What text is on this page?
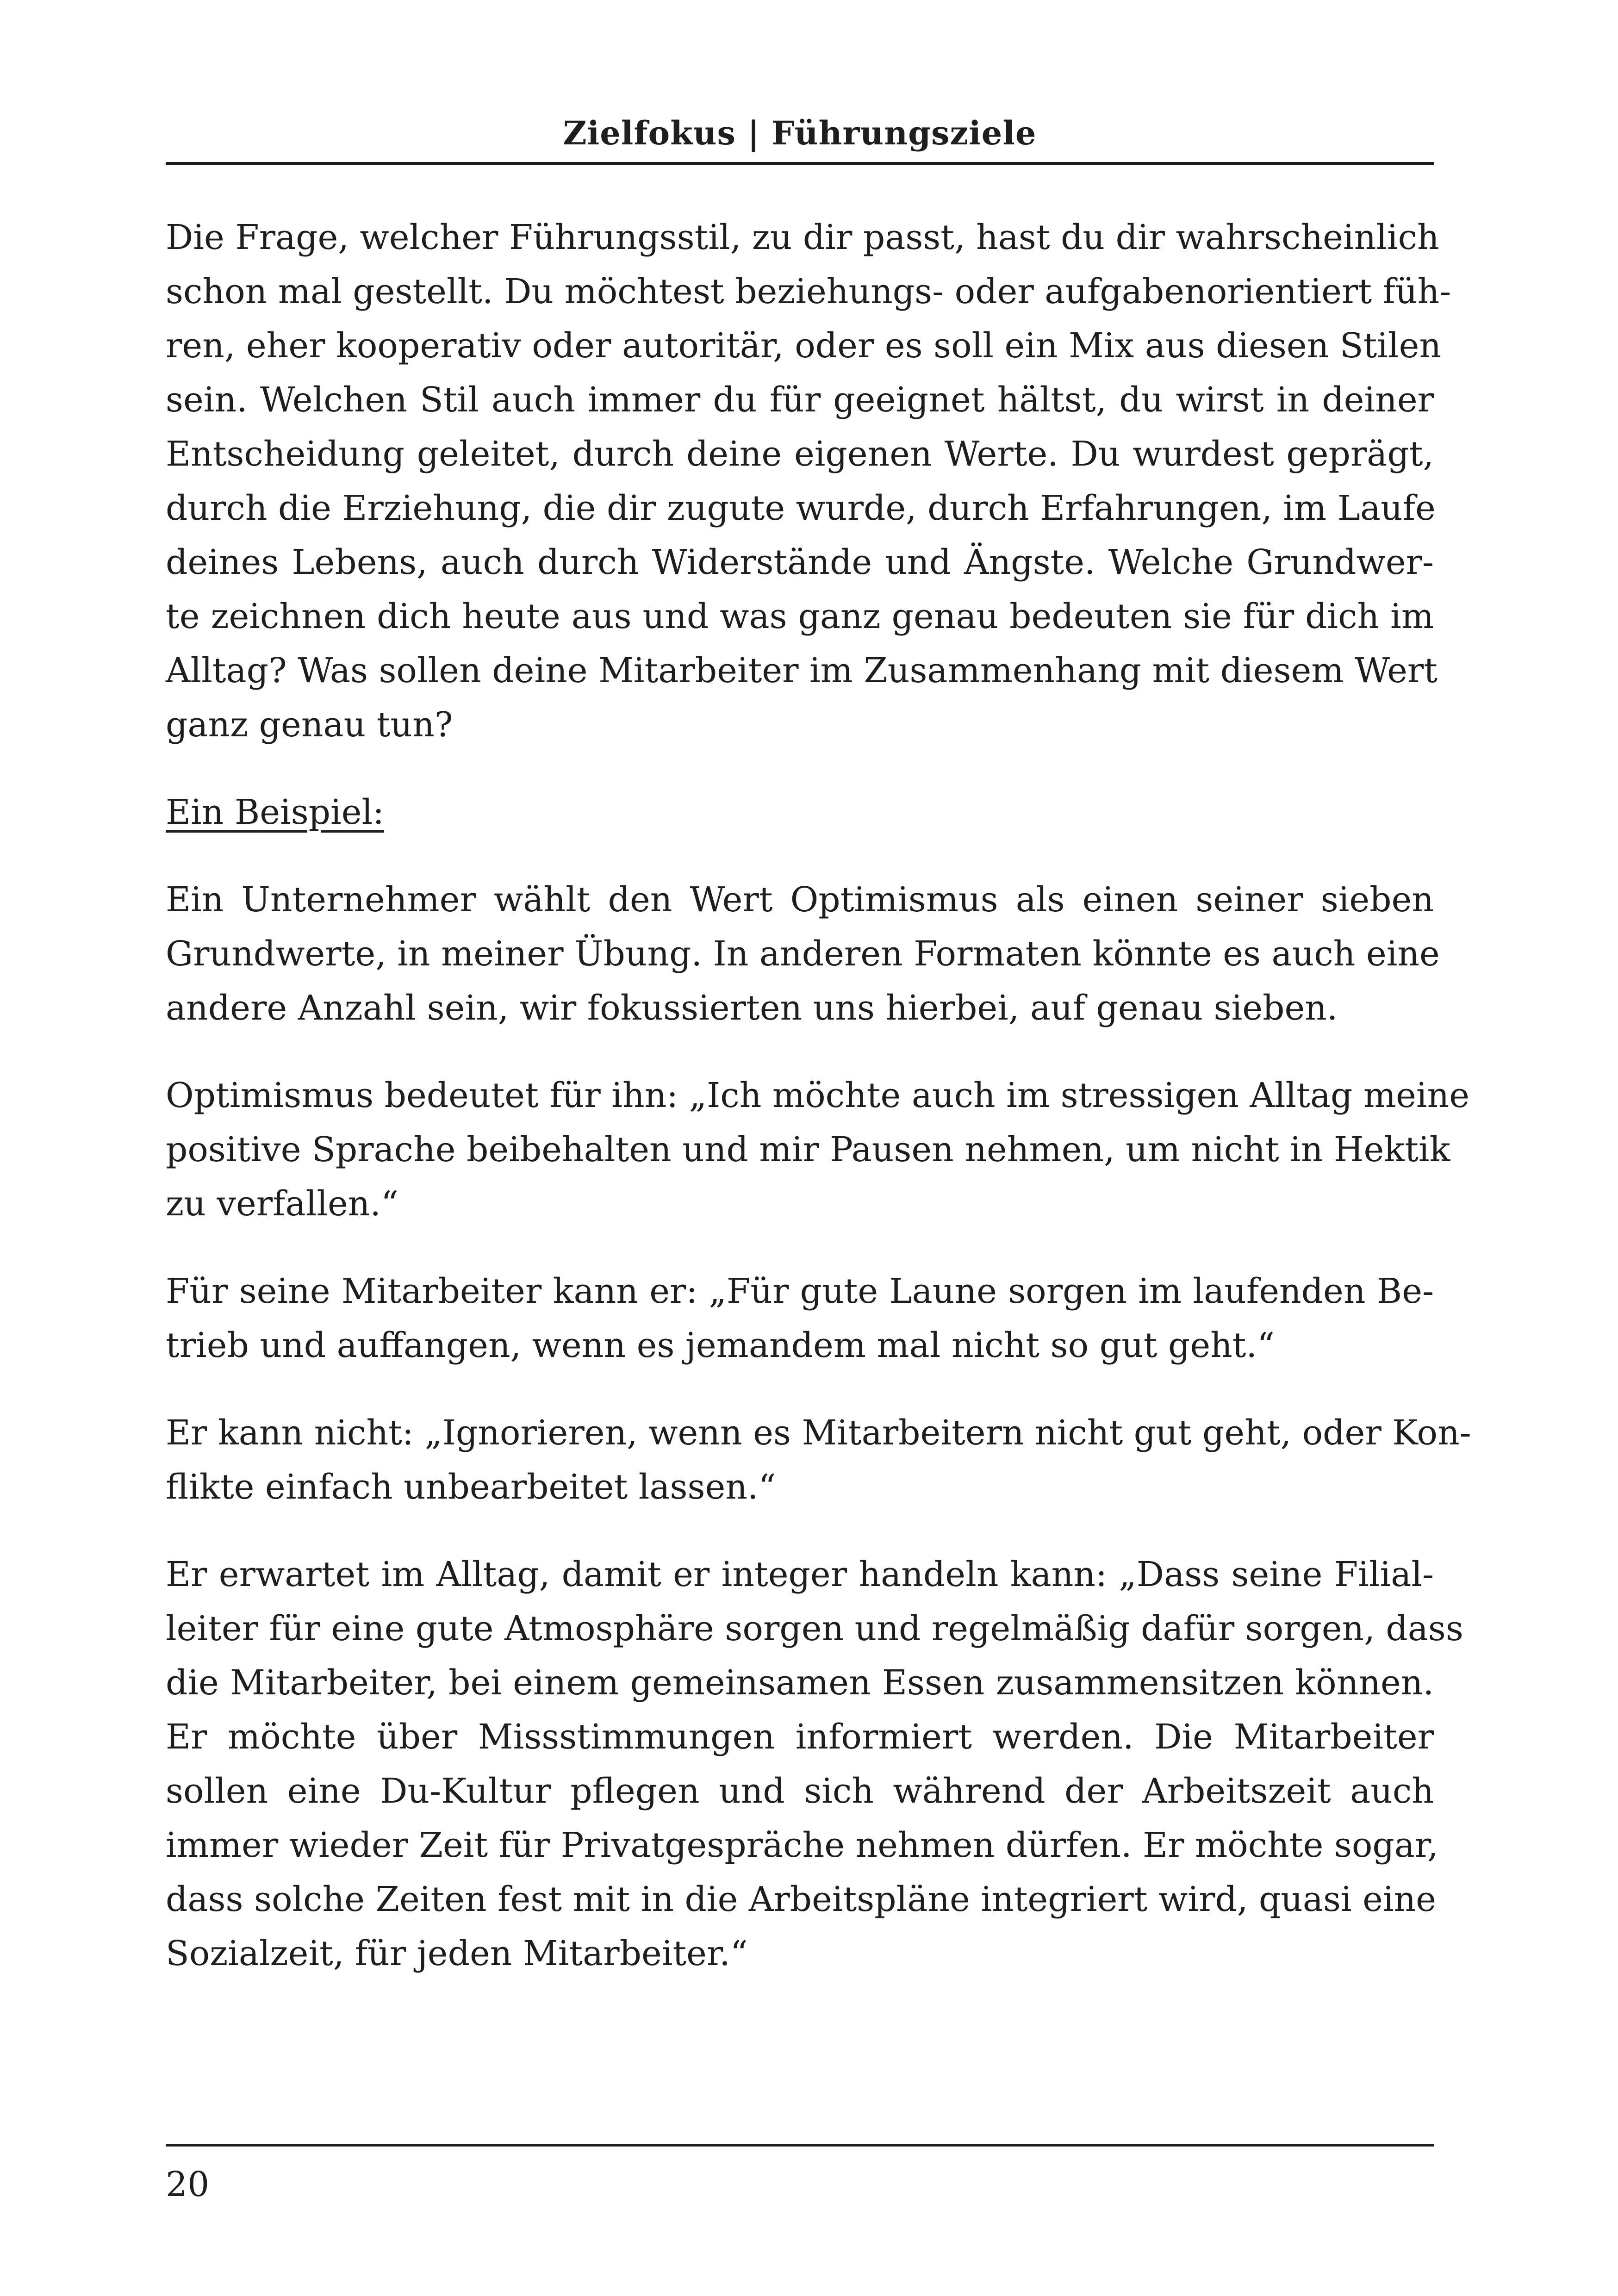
Zielfokus | Führungsziele
Die Frage, welcher Führungsstil, zu dir passt, hast du dir wahrscheinlich
schon mal gestellt. Du möchtest beziehungs- oder aufgabenorientiert füh-
ren, eher kooperativ oder autoritär, oder es soll ein Mix aus diesen Stilen
sein. Welchen Stil auch immer du für geeignet hältst, du wirst in deiner
Entscheidung geleitet, durch deine eigenen Werte. Du wurdest geprägt,
durch die Erziehung, die dir zugute wurde, durch Erfahrungen, im Laufe
deines Lebens, auch durch Widerstände und Ängste. Welche Grundwer-
te zeichnen dich heute aus und was ganz genau bedeuten sie für dich im
Alltag? Was sollen deine Mitarbeiter im Zusammenhang mit diesem Wert
ganz genau tun?
Ein Beispiel:
Ein Unternehmer wählt den Wert Optimismus als einen seiner sieben
Grundwerte, in meiner Übung. In anderen Formaten könnte es auch eine
andere Anzahl sein, wir fokussierten uns hierbei, auf genau sieben.
Optimismus bedeutet für ihn: „Ich möchte auch im stressigen Alltag meine
positive Sprache beibehalten und mir Pausen nehmen, um nicht in Hektik
zu verfallen.“
Für seine Mitarbeiter kann er: „Für gute Laune sorgen im laufenden Be-
trieb und auffangen, wenn es jemandem mal nicht so gut geht.“
Er kann nicht: „Ignorieren, wenn es Mitarbeitern nicht gut geht, oder Kon-
flikte einfach unbearbeitet lassen.“
Er erwartet im Alltag, damit er integer handeln kann: „Dass seine Filial-
leiter für eine gute Atmosphäre sorgen und regelmäßig dafür sorgen, dass
die Mitarbeiter, bei einem gemeinsamen Essen zusammensitzen können.
Er möchte über Missstimmungen informiert werden. Die Mitarbeiter
sollen eine Du-Kultur pflegen und sich während der Arbeitszeit auch
immer wieder Zeit für Privatgespräche nehmen dürfen. Er möchte sogar,
dass solche Zeiten fest mit in die Arbeitspläne integriert wird, quasi eine
Sozialzeit, für jeden Mitarbeiter.“
20
